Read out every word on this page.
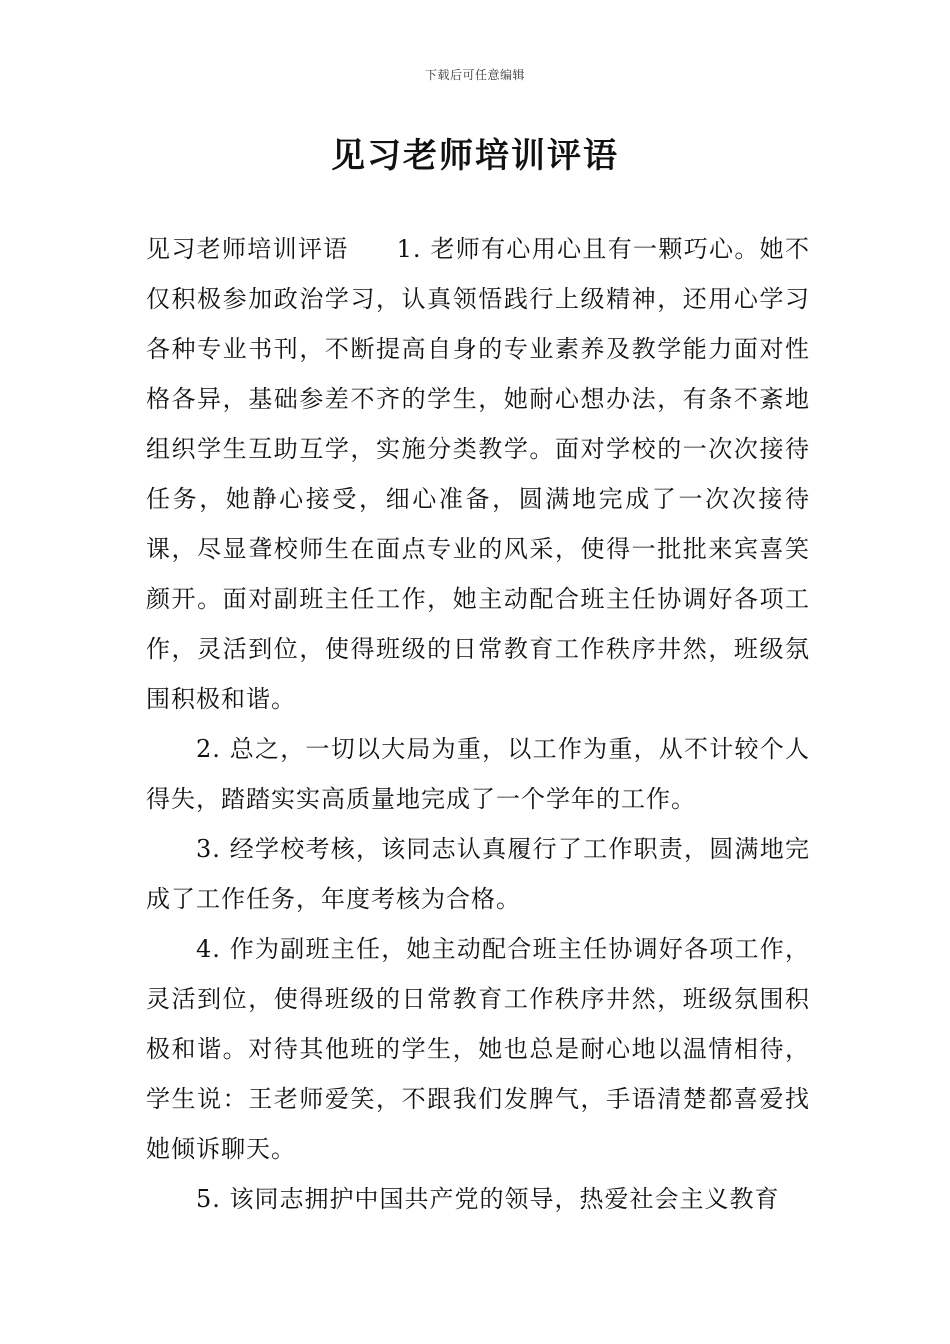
下载后可任意编辑
见习老师培训评语

见习老师培训评语 1. 老师有心用心且有一颗巧心。她不仅积极参加政治学习，认真领悟践行上级精神，还用心学习各种专业书刊，不断提高自身的专业素养及教学能力面对性格各异，基础参差不齐的学生，她耐心想办法，有条不紊地组织学生互助互学，实施分类教学。面对学校的一次次接待任务，她静心接受，细心准备，圆满地完成了一次次接待课，尽显聋校师生在面点专业的风采，使得一批批来宾喜笑颜开。面对副班主任工作，她主动配合班主任协调好各项工作，灵活到位，使得班级的日常教育工作秩序井然，班级氛围积极和谐。

2. 总之，一切以大局为重，以工作为重，从不计较个人得失，踏踏实实高质量地完成了一个学年的工作。

3. 经学校考核，该同志认真履行了工作职责，圆满地完成了工作任务，年度考核为合格。

4. 作为副班主任，她主动配合班主任协调好各项工作，灵活到位，使得班级的日常教育工作秩序井然，班级氛围积极和谐。对待其他班的学生，她也总是耐心地以温情相待，学生说：王老师爱笑，不跟我们发脾气，手语清楚都喜爱找她倾诉聊天。

5. 该同志拥护中国共产党的领导，热爱社会主义教育
